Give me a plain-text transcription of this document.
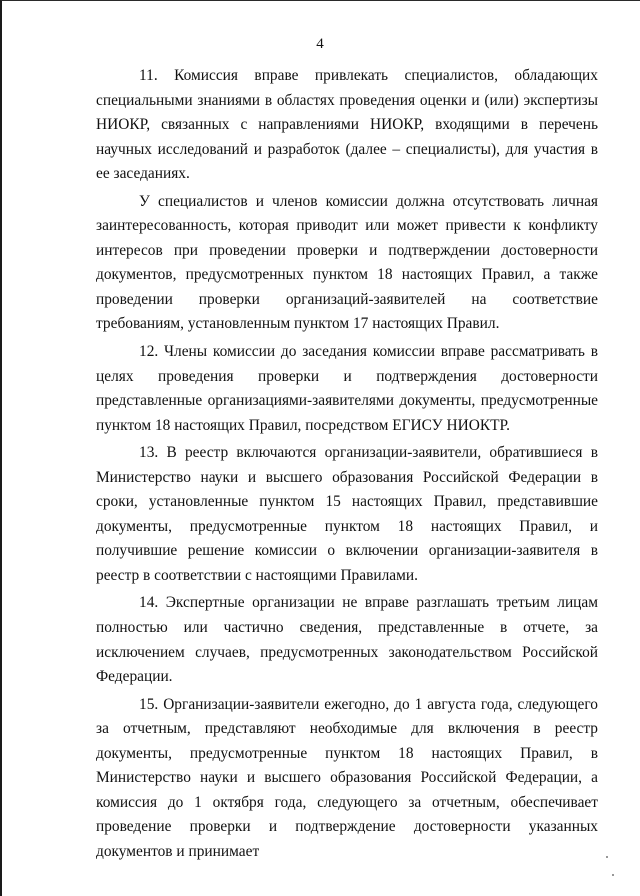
4

11. Комиссия вправе привлекать специалистов, обладающих специальными знаниями в областях проведения оценки и (или) экспертизы НИОКР, связанных с направлениями НИОКР, входящими в перечень научных исследований и разработок (далее – специалисты), для участия в ее заседаниях.

У специалистов и членов комиссии должна отсутствовать личная заинтересованность, которая приводит или может привести к конфликту интересов при проведении проверки и подтверждении достоверности документов, предусмотренных пунктом 18 настоящих Правил, а также проведении проверки организаций-заявителей на соответствие требованиям, установленным пунктом 17 настоящих Правил.

12. Члены комиссии до заседания комиссии вправе рассматривать в целях проведения проверки и подтверждения достоверности представленные организациями-заявителями документы, предусмотренные пунктом 18 настоящих Правил, посредством ЕГИСУ НИОКТР.

13. В реестр включаются организации-заявители, обратившиеся в Министерство науки и высшего образования Российской Федерации в сроки, установленные пунктом 15 настоящих Правил, представившие документы, предусмотренные пунктом 18 настоящих Правил, и получившие решение комиссии о включении организации-заявителя в реестр в соответствии с настоящими Правилами.

14. Экспертные организации не вправе разглашать третьим лицам полностью или частично сведения, представленные в отчете, за исключением случаев, предусмотренных законодательством Российской Федерации.

15. Организации-заявители ежегодно, до 1 августа года, следующего за отчетным, представляют необходимые для включения в реестр документы, предусмотренные пунктом 18 настоящих Правил, в Министерство науки и высшего образования Российской Федерации, а комиссия до 1 октября года, следующего за отчетным, обеспечивает проведение проверки и подтверждение достоверности указанных документов и принимает
